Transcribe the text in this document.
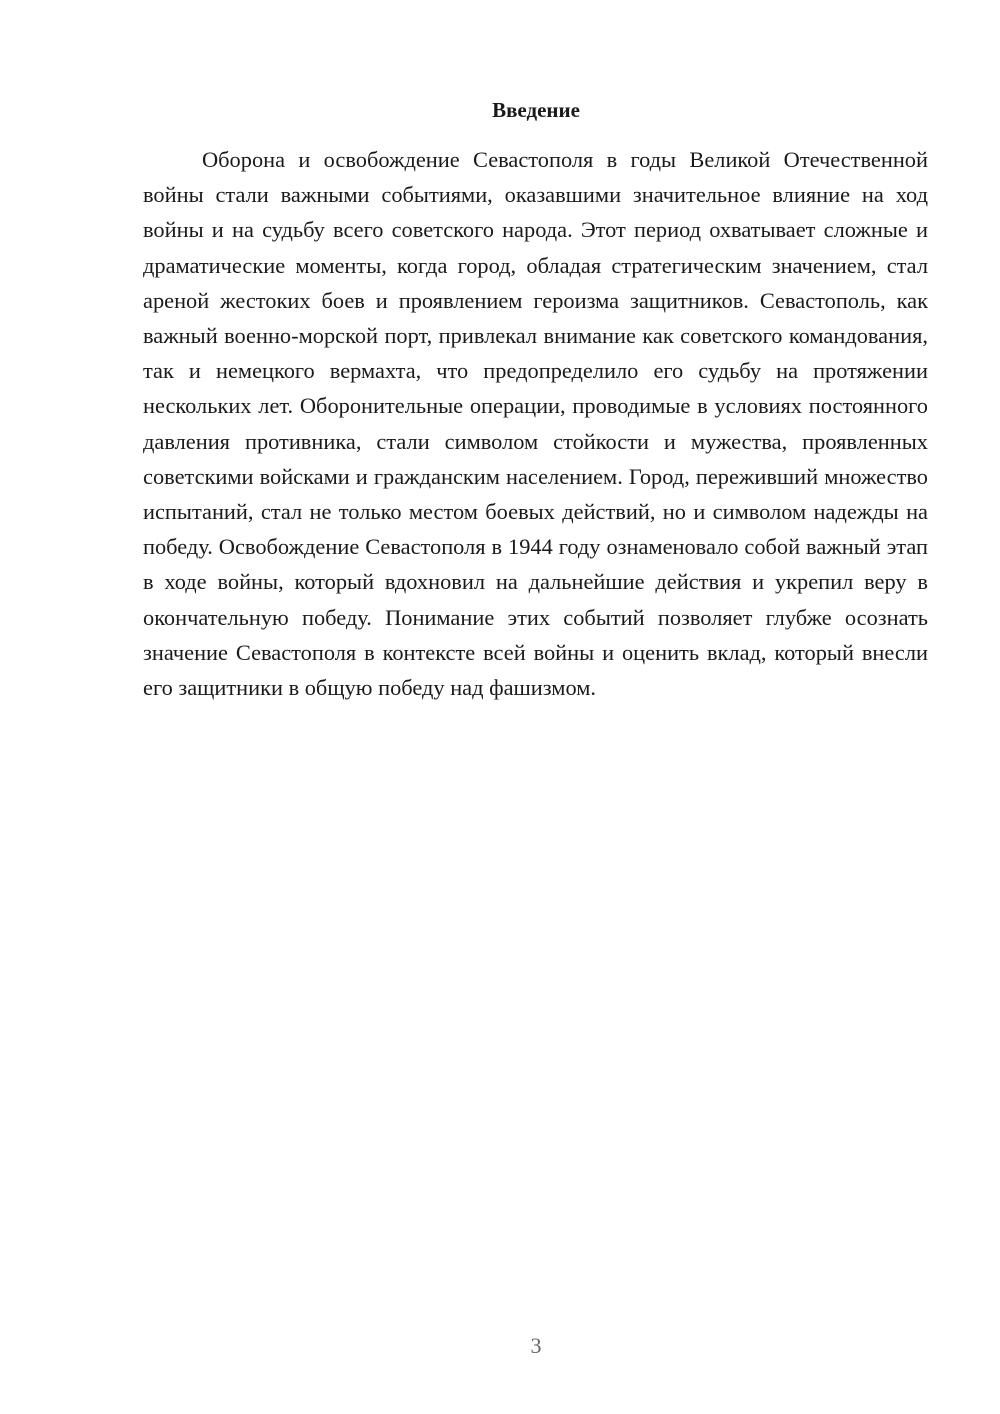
Введение

Оборона и освобождение Севастополя в годы Великой Отечественной войны стали важными событиями, оказавшими значительное влияние на ход войны и на судьбу всего советского народа. Этот период охватывает сложные и драматические моменты, когда город, обладая стратегическим значением, стал ареной жестоких боев и проявлением героизма защитников. Севастополь, как важный военно-морской порт, привлекал внимание как советского командования, так и немецкого вермахта, что предопределило его судьбу на протяжении нескольких лет. Оборонительные операции, проводимые в условиях постоянного давления противника, стали символом стойкости и мужества, проявленных советскими войсками и гражданским населением. Город, переживший множество испытаний, стал не только местом боевых действий, но и символом надежды на победу. Освобождение Севастополя в 1944 году ознаменовало собой важный этап в ходе войны, который вдохновил на дальнейшие действия и укрепил веру в окончательную победу. Понимание этих событий позволяет глубже осознать значение Севастополя в контексте всей войны и оценить вклад, который внесли его защитники в общую победу над фашизмом.

3
